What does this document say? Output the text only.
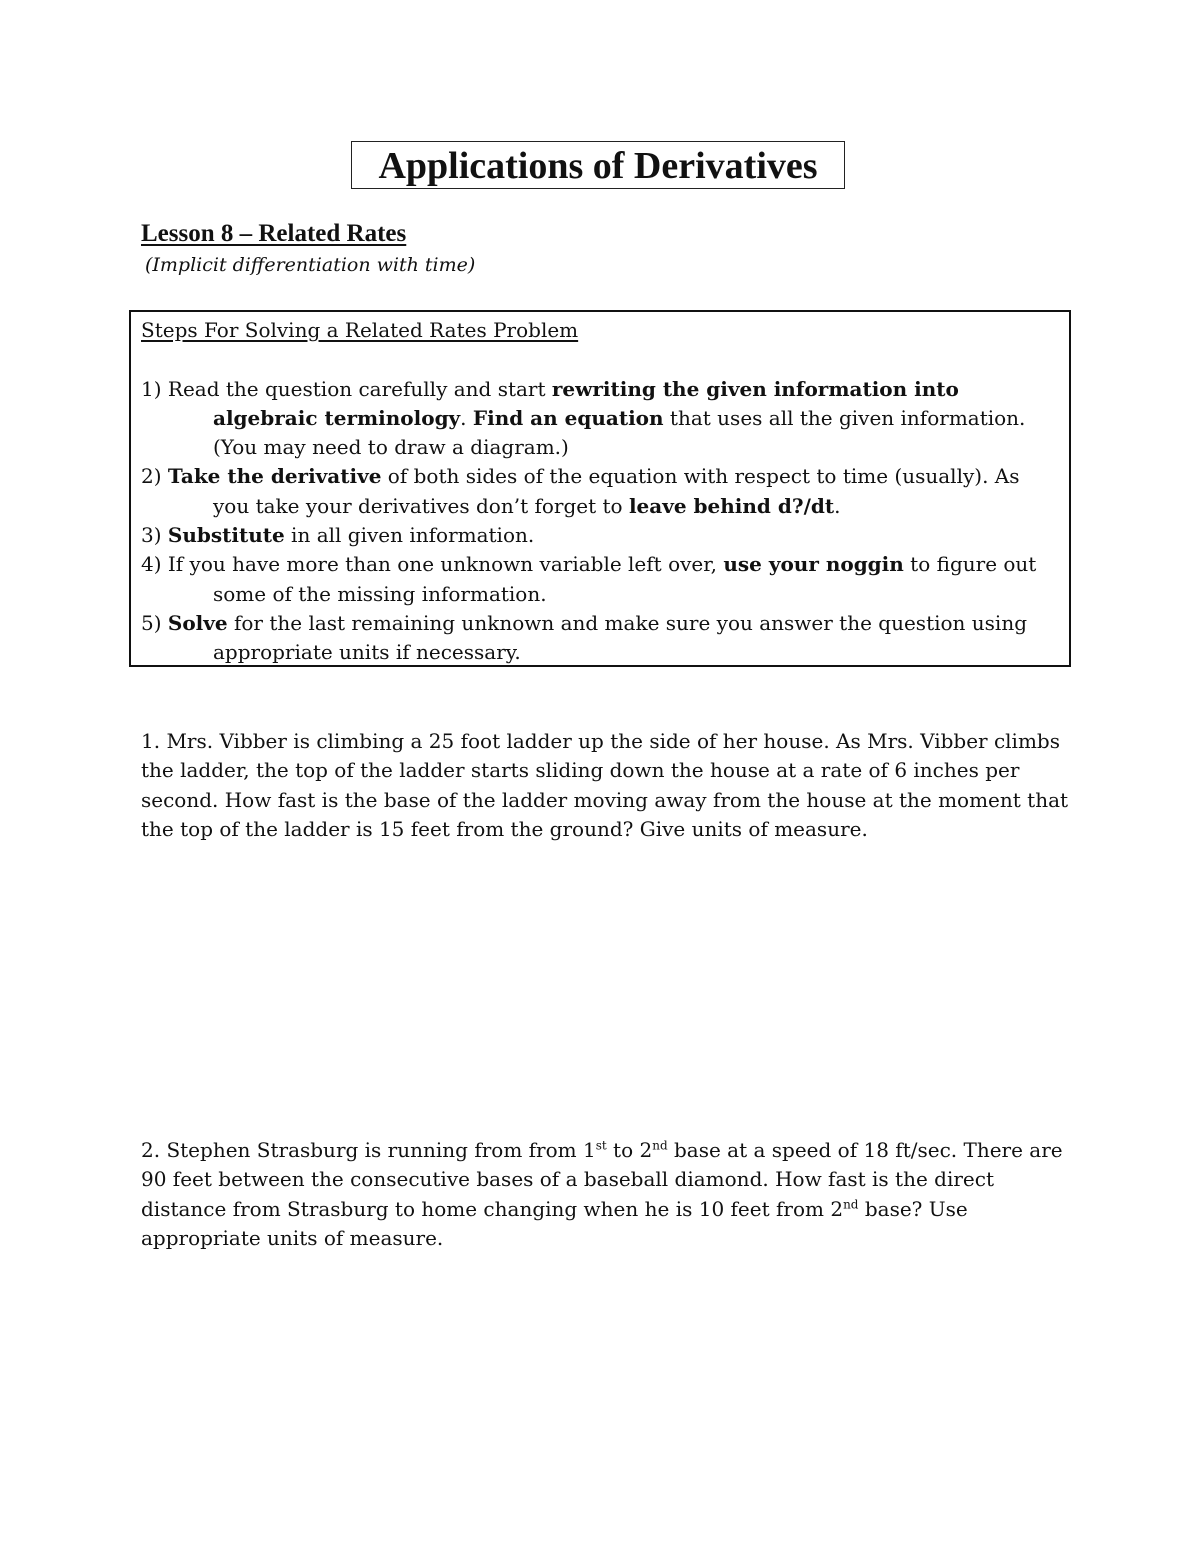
Applications of Derivatives
Lesson 8 – Related Rates
(Implicit differentiation with time)
Steps For Solving a Related Rates Problem
1) Read the question carefully and start rewriting the given information into algebraic terminology. Find an equation that uses all the given information. (You may need to draw a diagram.)
2) Take the derivative of both sides of the equation with respect to time (usually). As you take your derivatives don’t forget to leave behind d?/dt.
3) Substitute in all given information.
4) If you have more than one unknown variable left over, use your noggin to figure out some of the missing information.
5) Solve for the last remaining unknown and make sure you answer the question using appropriate units if necessary.
1. Mrs. Vibber is climbing a 25 foot ladder up the side of her house. As Mrs. Vibber climbs the ladder, the top of the ladder starts sliding down the house at a rate of 6 inches per second. How fast is the base of the ladder moving away from the house at the moment that the top of the ladder is 15 feet from the ground? Give units of measure.
2. Stephen Strasburg is running from from 1st to 2nd base at a speed of 18 ft/sec. There are 90 feet between the consecutive bases of a baseball diamond. How fast is the direct distance from Strasburg to home changing when he is 10 feet from 2nd base? Use appropriate units of measure.
